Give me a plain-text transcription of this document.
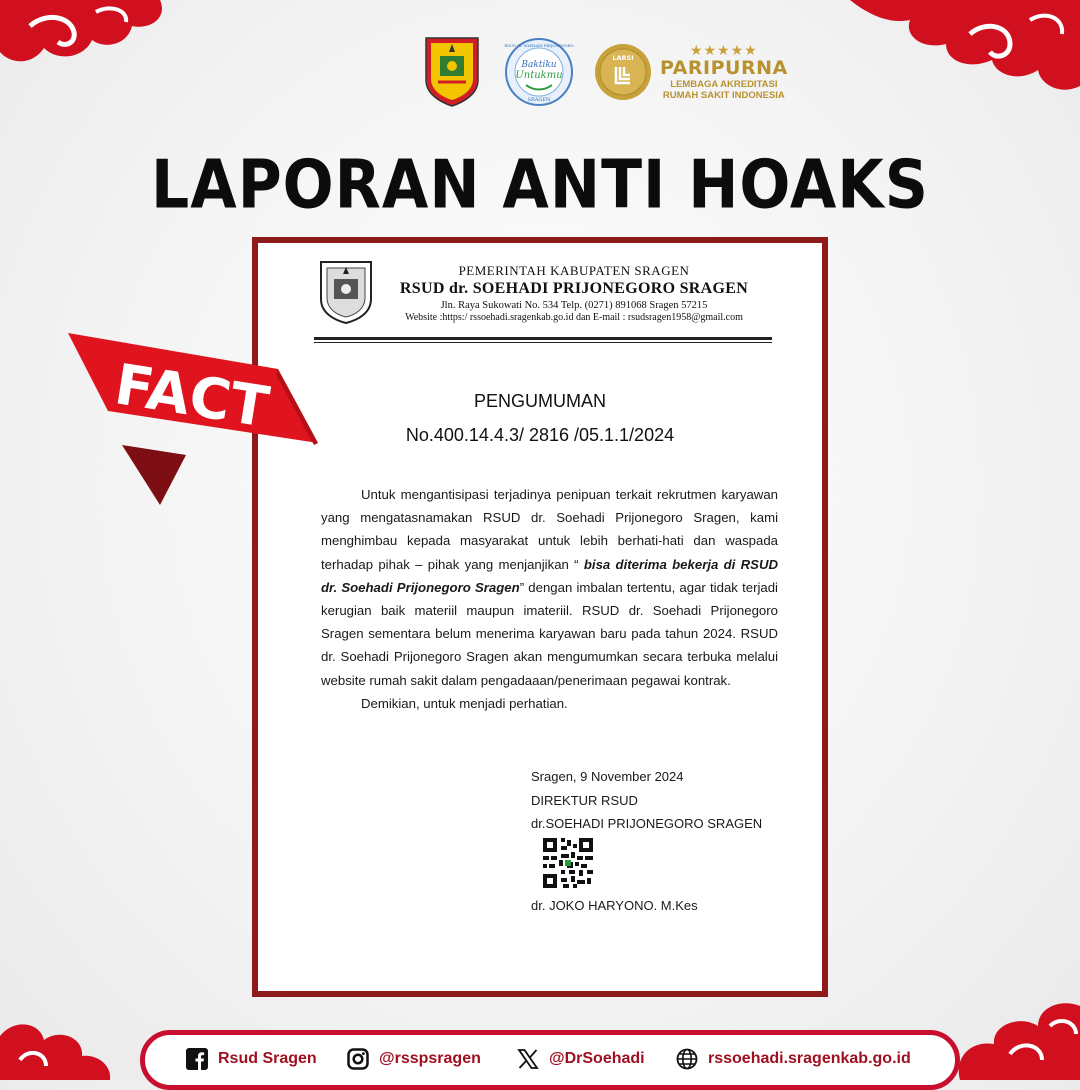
Baktiku
Untukmu
SRAGEN
RSUD dr. SOEHADI PRIJONEGORO
LARSI	★★★★★
PARIPURNA
LEMBAGA AKREDITASI
RUMAH SAKIT INDONESIA
LAPORAN ANTI HOAKS
PEMERINTAH KABUPATEN SRAGEN
RSUD dr. SOEHADI PRIJONEGORO SRAGEN
Jln. Raya Sukowati No. 534 Telp. (0271) 891068 Sragen 57215
Website :https:/ rssoehadi.sragenkab.go.id dan E-mail : rsudsragen1958@gmail.com
PENGUMUMAN
No.400.14.4.3/ 2816 /05.1.1/2024

Untuk mengantisipasi terjadinya penipuan terkait rekrutmen karyawan yang mengatasnamakan RSUD dr. Soehadi Prijonegoro Sragen, kami menghimbau kepada masyarakat untuk lebih berhati-hati dan waspada terhadap pihak – pihak yang menjanjikan “ bisa diterima bekerja di RSUD dr. Soehadi Prijonegoro Sragen” dengan imbalan tertentu, agar tidak terjadi kerugian baik materiil maupun imateriil. RSUD dr. Soehadi Prijonegoro Sragen sementara belum menerima karyawan baru pada tahun 2024. RSUD dr. Soehadi Prijonegoro Sragen akan mengumumkan secara terbuka melalui website rumah sakit dalam pengadaaan/penerimaan pegawai kontrak.

Demikian, untuk menjadi perhatian.

Sragen, 9 November 2024
DIREKTUR RSUD
dr.SOEHADI PRIJONEGORO SRAGEN
dr. JOKO HARYONO. M.Kes
FACT
Rsud Sragen	@rsspsragen	@DrSoehadi	rssoehadi.sragenkab.go.id
